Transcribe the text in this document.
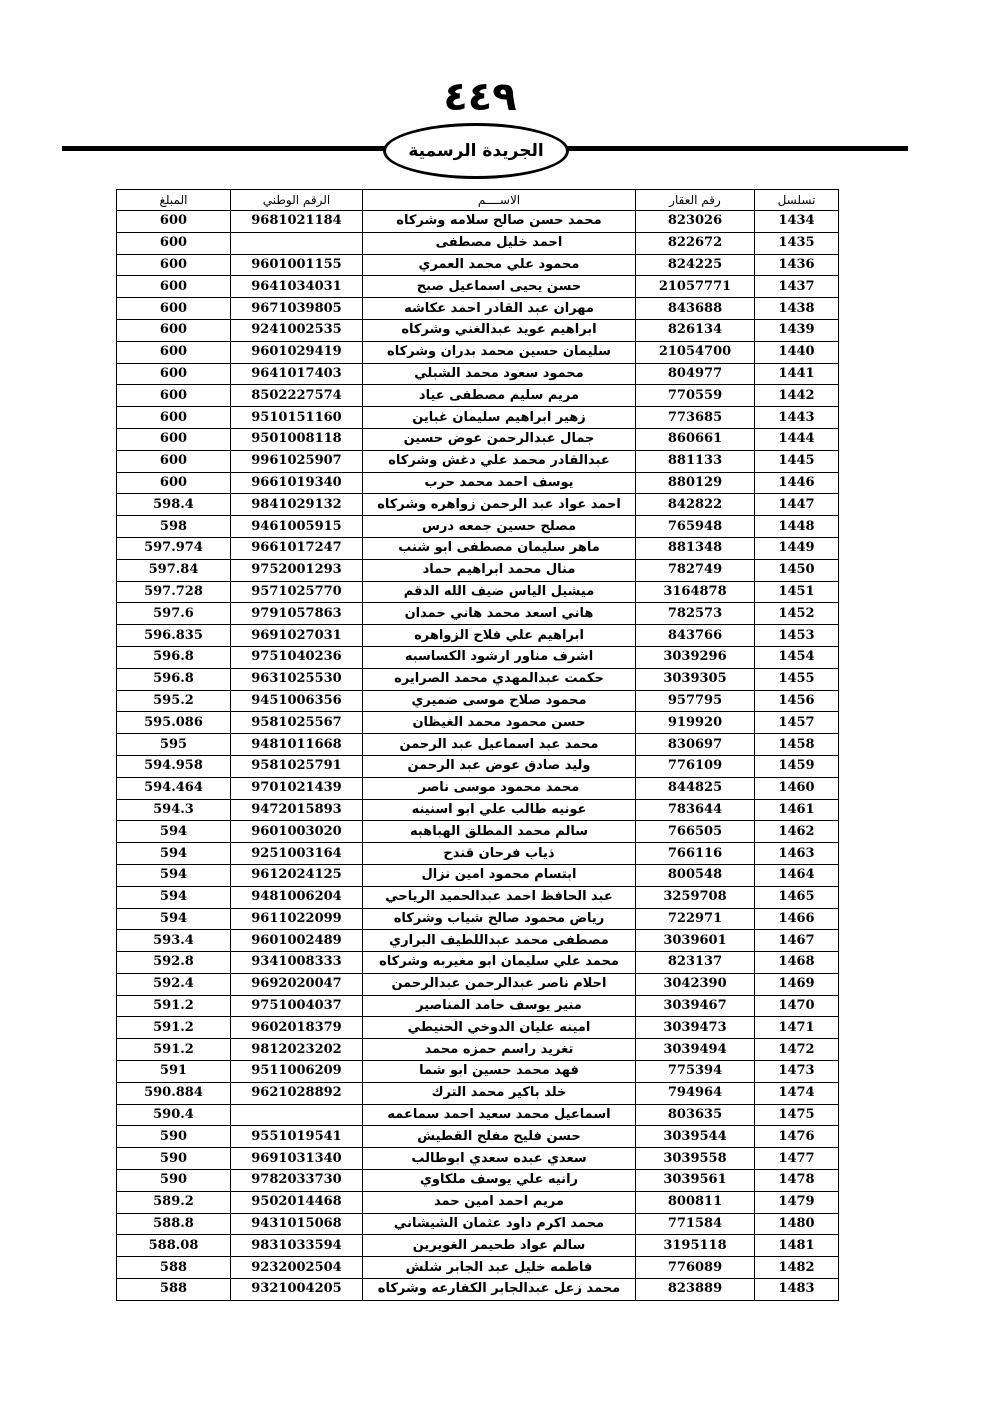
٤٤٩
الجريدة الرسمية
تسلسل	رقم العقار	الاســــم	الرقم الوطني	المبلغ
1434	823026	محمد حسن صالح سلامه وشركاه	9681021184	600
1435	822672	احمد خليل مصطفى		600
1436	824225	محمود علي محمد العمري	9601001155	600
1437	21057771	حسن يحيى اسماعيل صبح	9641034031	600
1438	843688	مهران عبد القادر احمد عكاشه	9671039805	600
1439	826134	ابراهيم عويد عبدالغني وشركاه	9241002535	600
1440	21054700	سليمان حسين محمد بدران وشركاه	9601029419	600
1441	804977	محمود سعود محمد الشبلي	9641017403	600
1442	770559	مريم سليم مصطفى عياد	8502227574	600
1443	773685	زهير ابراهيم سليمان غباين	9510151160	600
1444	860661	جمال عبدالرحمن عوض حسين	9501008118	600
1445	881133	عبدالقادر محمد علي دغش وشركاه	9961025907	600
1446	880129	يوسف احمد محمد حرب	9661019340	600
1447	842822	احمد عواد عبد الرحمن زواهره وشركاه	9841029132	598.4
1448	765948	مصلح حسين جمعه درس	9461005915	598
1449	881348	ماهر سليمان مصطفى ابو شنب	9661017247	597.974
1450	782749	منال محمد ابراهيم حماد	9752001293	597.84
1451	3164878	ميشيل الياس ضيف الله الدقم	9571025770	597.728
1452	782573	هاني اسعد محمد هاني حمدان	9791057863	597.6
1453	843766	ابراهيم علي فلاح الزواهره	9691027031	596.835
1454	3039296	اشرف مناور ارشود الكساسبه	9751040236	596.8
1455	3039305	حكمت عبدالمهدي محمد الصرايره	9631025530	596.8
1456	957795	محمود صلاح موسى ضميري	9451006356	595.2
1457	919920	حسن محمود محمد الغيظان	9581025567	595.086
1458	830697	محمد عبد اسماعيل عبد الرحمن	9481011668	595
1459	776109	وليد صادق عوض عبد الرحمن	9581025791	594.958
1460	844825	محمد محمود موسى ناصر	9701021439	594.464
1461	783644	عونيه طالب علي ابو اسنينه	9472015893	594.3
1462	766505	سالم محمد المطلق الهباهبه	9601003020	594
1463	766116	ذياب فرحان قندح	9251003164	594
1464	800548	ابتسام محمود امين نزال	9612024125	594
1465	3259708	عبد الحافظ احمد عبدالحميد الرياحي	9481006204	594
1466	722971	رياض محمود صالح شياب وشركاه	9611022099	594
1467	3039601	مصطفى محمد عبداللطيف البراري	9601002489	593.4
1468	823137	محمد علي سليمان ابو مغيربه وشركاه	9341008333	592.8
1469	3042390	احلام ناصر عبدالرحمن عبدالرحمن	9692020047	592.4
1470	3039467	منير يوسف حامد المناصير	9751004037	591.2
1471	3039473	امينه عليان الدوخي الحنيطي	9602018379	591.2
1472	3039494	تغريد راسم حمزه محمد	9812023202	591.2
1473	775394	فهد محمد حسين ابو شما	9511006209	591
1474	794964	خلد باكير محمد الترك	9621028892	590.884
1475	803635	اسماعيل محمد سعيد احمد سماعمه		590.4
1476	3039544	حسن فليح مفلح القطيش	9551019541	590
1477	3039558	سعدي عبده سعدي ابوطالب	9691031340	590
1478	3039561	رانيه علي يوسف ملكاوي	9782033730	590
1479	800811	مريم احمد امين حمد	9502014468	589.2
1480	771584	محمد اكرم داود عثمان الشيشاني	9431015068	588.8
1481	3195118	سالم عواد طحيمر الغويرين	9831033594	588.08
1482	776089	فاطمه خليل عبد الجابر شلش	9232002504	588
1483	823889	محمد زعل عبدالجابر الكفارعه وشركاه	9321004205	588
